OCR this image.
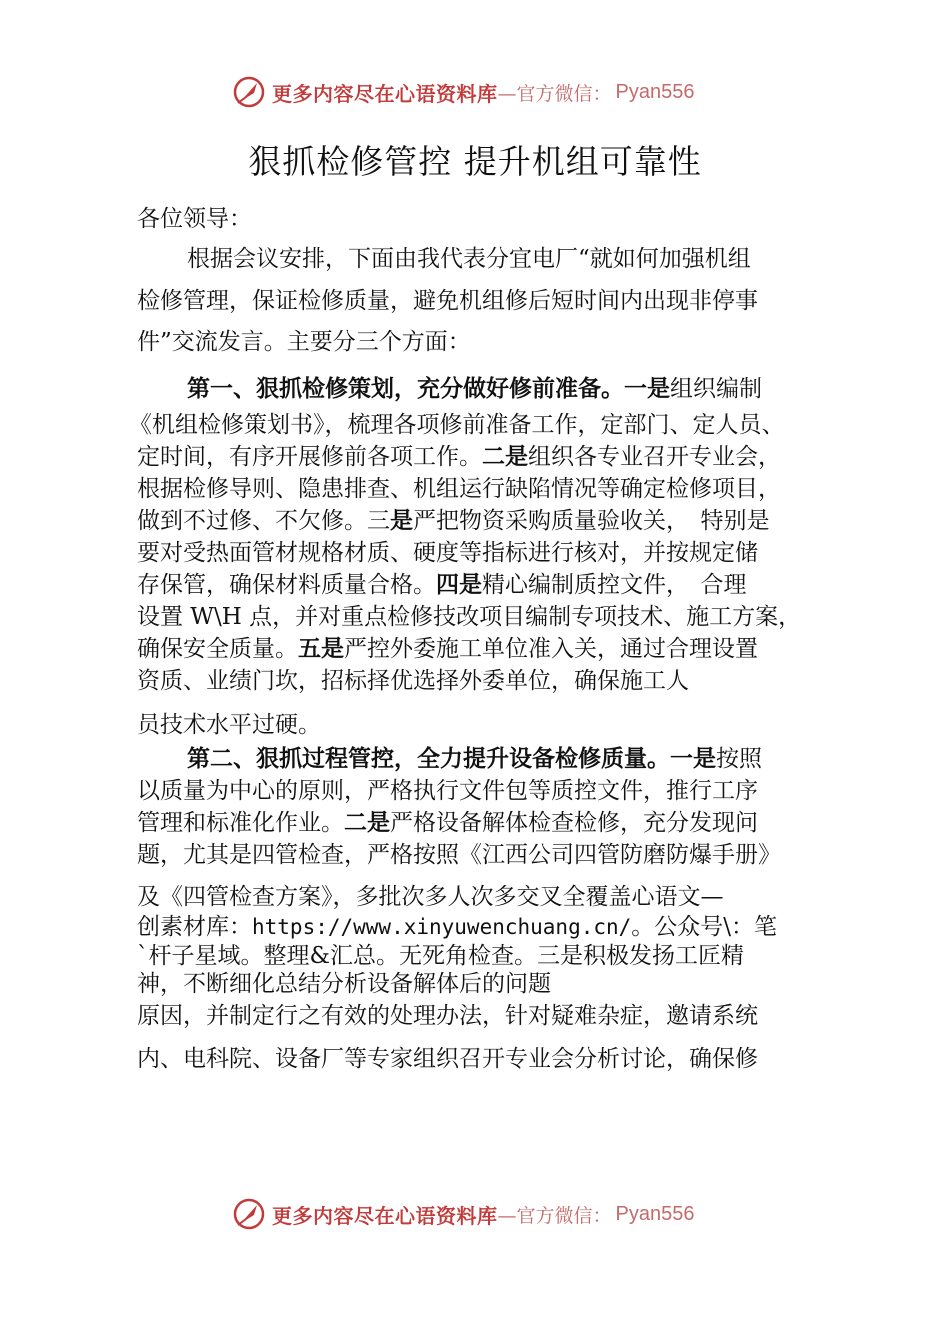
更多内容尽在心语资料库 —官方微信： Pyan556
狠抓检修管控 提升机组可靠性
各位领导：
根据会议安排，下面由我代表分宜电厂“就如何加强机组
检修管理，保证检修质量，避免机组修后短时间内出现非停事
件”交流发言。主要分三个方面：
第一、狠抓检修策划，充分做好修前准备。一是组织编制
《机组检修策划书》，梳理各项修前准备工作，定部门、定人员、
定时间，有序开展修前各项工作。二是组织各专业召开专业会，
根据检修导则、隐患排查、机组运行缺陷情况等确定检修项目，
做到不过修、不欠修。三是严把物资采购质量验收关，　特别是
要对受热面管材规格材质、硬度等指标进行核对，并按规定储
存保管，确保材料质量合格。四是精心编制质控文件，　合理
设置 W\H 点，并对重点检修技改项目编制专项技术、施工方案，
确保安全质量。五是严控外委施工单位准入关，通过合理设置
资质、业绩门坎，招标择优选择外委单位，确保施工人
员技术水平过硬。
第二、狠抓过程管控，全力提升设备检修质量。一是按照
以质量为中心的原则，严格执行文件包等质控文件，推行工序
管理和标准化作业。二是严格设备解体检查检修，充分发现问
题，尤其是四管检查，严格按照《江西公司四管防磨防爆手册》
及《四管检查方案》，多批次多人次多交叉全覆盖心语文—
创素材库：https://www.xinyuwenchuang.cn/。公众号\：笔
`杆子星域。整理&汇总。无死角检查。三是积极发扬工匠精
神，不断细化总结分析设备解体后的问题
原因，并制定行之有效的处理办法，针对疑难杂症，邀请系统
内、电科院、设备厂等专家组织召开专业会分析讨论，确保修
更多内容尽在心语资料库 —官方微信： Pyan556
